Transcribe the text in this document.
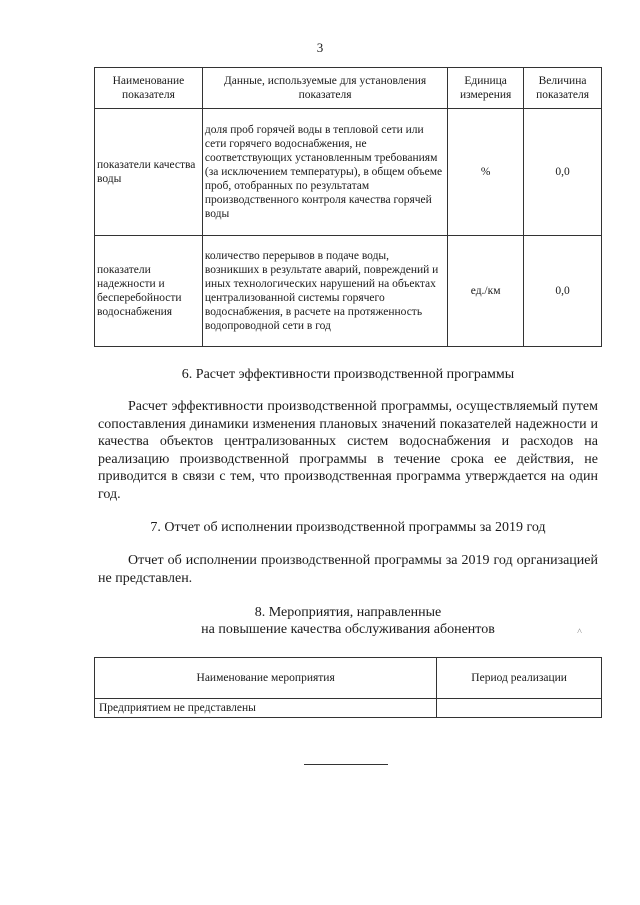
3
Наименование показателя	Данные, используемые для установления показателя	Единица измерения	Величина показателя
показатели качества воды	доля проб горячей воды в тепловой сети или сети горячего водоснабжения, не соответствующих установленным требованиям (за исключением температуры), в общем объеме проб, отобранных по результатам производственного контроля качества горячей воды	%	0,0
показатели надежности и бесперебойности водоснабжения	количество перерывов в подаче воды, возникших в результате аварий, повреждений и иных технологических нарушений на объектах централизованной системы горячего водоснабжения, в расчете на протяженность водопроводной сети в год	ед./км	0,0
6. Расчет эффективности производственной программы
Расчет эффективности производственной программы, осуществляемый путем сопоставления динамики изменения плановых значений показателей надежности и качества объектов централизованных систем водоснабжения и расходов на реализацию производственной программы в течение срока ее действия, не приводится в связи с тем, что производственная программа утверждается на один год.
7. Отчет об исполнении производственной программы за 2019 год
Отчет об исполнении производственной программы за 2019 год организацией не представлен.
8. Мероприятия, направленные
на повышение качества обслуживания абонентов	˄
Наименование мероприятия	Период реализации
Предприятием не представлены	
